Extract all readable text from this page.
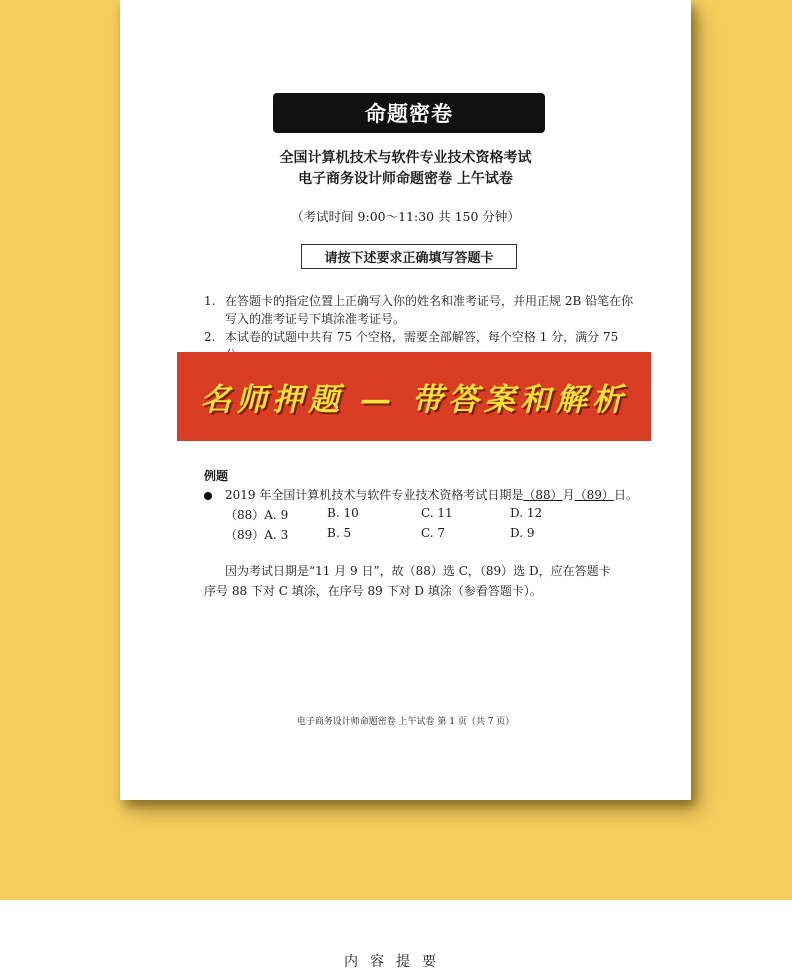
命题密卷
全国计算机技术与软件专业技术资格考试
电子商务设计师命题密卷 上午试卷
（考试时间 9:00～11:30 共 150 分钟）
请按下述要求正确填写答题卡
1. 在答题卡的指定位置上正确写入你的姓名和准考证号，并用正规 2B 铅笔在你写入的准考证号下填涂准考证号。
2. 本试卷的试题中共有 75 个空格，需要全部解答，每个空格 1 分，满分 75
例题
2019 年全国计算机技术与软件专业技术资格考试日期是（88）月（89）日。
（88）A. 9	B. 10	C. 11	D. 12
（89）A. 3	B. 5	C. 7	D. 9
因为考试日期是“11 月 9 日”，故（88）选 C，（89）选 D，应在答题卡序号 88 下对 C 填涂，在序号 89 下对 D 填涂（参看答题卡）。
电子商务设计师命题密卷 上午试卷 第 1 页（共 7 页）
名师押题 — 带答案和解析
内容提要
